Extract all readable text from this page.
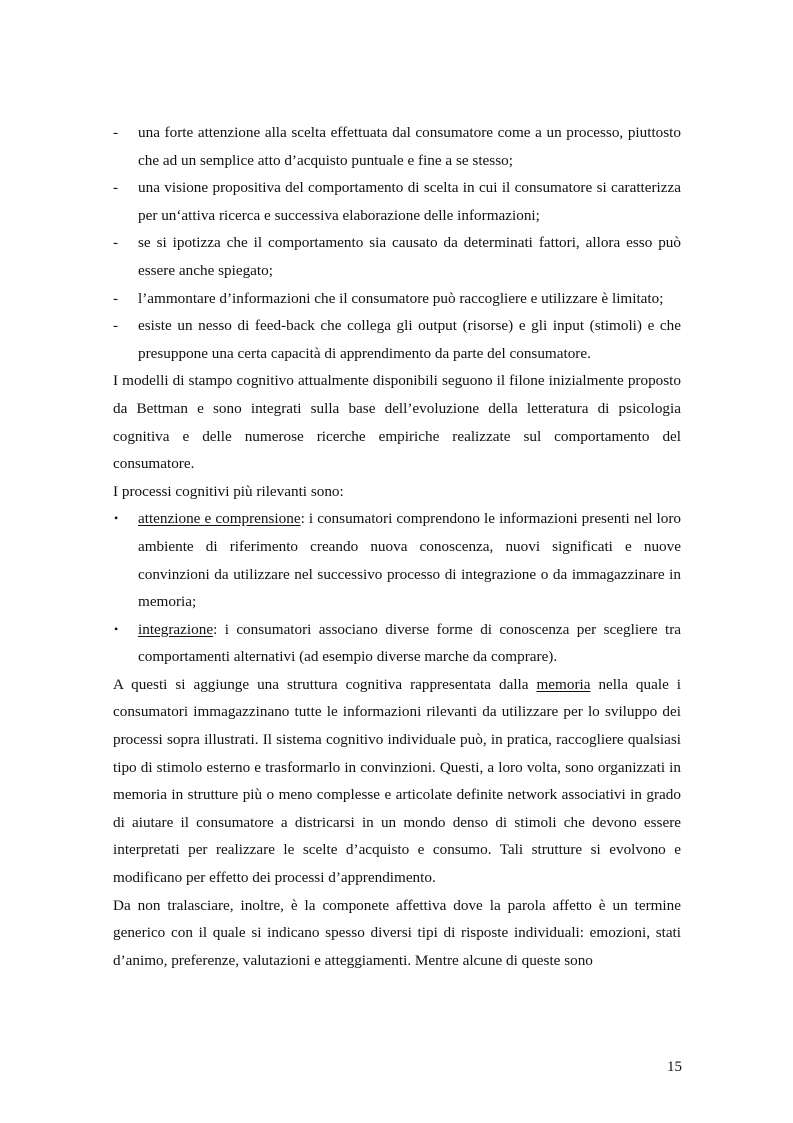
- una forte attenzione alla scelta effettuata dal consumatore come a un processo, piuttosto che ad un semplice atto d’acquisto puntuale e fine a se stesso;
- una visione propositiva del comportamento di scelta in cui il consumatore si caratterizza per un‘attiva ricerca e successiva elaborazione delle informazioni;
- se si ipotizza che il comportamento sia causato da determinati fattori, allora esso può essere anche spiegato;
- l’ammontare d’informazioni che il consumatore può raccogliere e utilizzare è limitato;
- esiste un nesso di feed-back che collega gli output (risorse) e gli input (stimoli) e che presuppone una certa capacità di apprendimento da parte del consumatore.

I modelli di stampo cognitivo attualmente disponibili seguono il filone inizialmente proposto da Bettman e sono integrati sulla base dell’evoluzione della letteratura di psicologia cognitiva e delle numerose ricerche empiriche realizzate sul comportamento del consumatore.

I processi cognitivi più rilevanti sono:

• attenzione e comprensione: i consumatori comprendono le informazioni presenti nel loro ambiente di riferimento creando nuova conoscenza, nuovi significati e nuove convinzioni da utilizzare nel successivo processo di integrazione o da immagazzinare in memoria;
• integrazione: i consumatori associano diverse forme di conoscenza per scegliere tra comportamenti alternativi (ad esempio diverse marche da comprare).

A questi si aggiunge una struttura cognitiva rappresentata dalla memoria nella quale i consumatori immagazzinano tutte le informazioni rilevanti da utilizzare per lo sviluppo dei processi sopra illustrati. Il sistema cognitivo individuale può, in pratica, raccogliere qualsiasi tipo di stimolo esterno e trasformarlo in convinzioni. Questi, a loro volta, sono organizzati in memoria in strutture più o meno complesse e articolate definite network associativi in grado di aiutare il consumatore a districarsi in un mondo denso di stimoli che devono essere interpretati per realizzare le scelte d’acquisto e consumo. Tali strutture si evolvono e modificano per effetto dei processi d’apprendimento.

Da non tralasciare, inoltre, è la componete affettiva dove la parola affetto è un termine generico con il quale si indicano spesso diversi tipi di risposte individuali: emozioni, stati d’animo, preferenze, valutazioni e atteggiamenti. Mentre alcune di queste sono

15
